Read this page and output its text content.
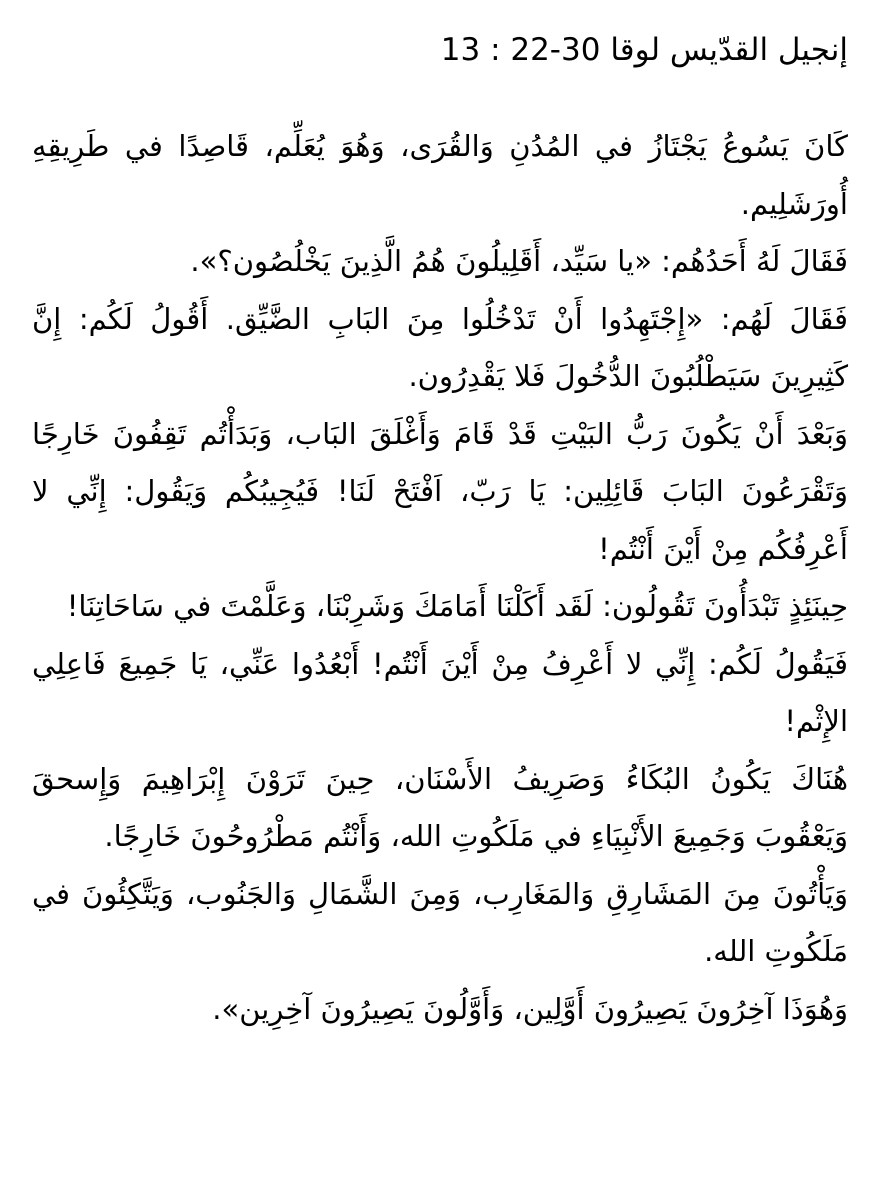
إنجيل القدّيس لوقا 13 : 22-30

كَانَ يَسُوعُ يَجْتَازُ في المُدُنِ وَالقُرَى، وَهُوَ يُعَلِّم، قَاصِدًا في طَرِيقِهِ أُورَشَلِيم.

فَقَالَ لَهُ أَحَدُهُم: «يا سَيِّد، أَقَلِيلُونَ هُمُ الَّذِينَ يَخْلُصُون؟».

فَقَالَ لَهُم: «إِجْتَهِدُوا أَنْ تَدْخُلُوا مِنَ البَابِ الضَّيِّق. أَقُولُ لَكُم: إِنَّ كَثِيرِينَ سَيَطْلُبُونَ الدُّخُولَ فَلا يَقْدِرُون.

وَبَعْدَ أَنْ يَكُونَ رَبُّ البَيْتِ قَدْ قَامَ وَأَغْلَقَ البَاب، وَبَدَأْتُم تَقِفُونَ خَارِجًا وَتَقْرَعُونَ البَابَ قَائِلِين: يَا رَبّ، اَفْتَحْ لَنَا! فَيُجِيبُكُم وَيَقُول: إِنِّي لا أَعْرِفُكُم مِنْ أَيْنَ أَنْتُم!

حِينَئِذٍ تَبْدَأُونَ تَقُولُون: لَقَد أَكَلْنَا أَمَامَكَ وَشَرِبْنَا، وَعَلَّمْتَ في سَاحَاتِنَا!

فَيَقُولُ لَكُم: إِنِّي لا أَعْرِفُ مِنْ أَيْنَ أَنْتُم! أَبْعُدُوا عَنِّي، يَا جَمِيعَ فَاعِلِي الإِثْم!

هُنَاكَ يَكُونُ البُكَاءُ وَصَرِيفُ الأَسْنَان، حِينَ تَرَوْنَ إِبْرَاهِيمَ وَإِسحقَ وَيَعْقُوبَ وَجَمِيعَ الأَنْبِيَاءِ في مَلَكُوتِ الله، وَأَنْتُم مَطْرُوحُونَ خَارِجًا.

وَيَأْتُونَ مِنَ المَشَارِقِ وَالمَغَارِب، وَمِنَ الشَّمَالِ وَالجَنُوب، وَيَتَّكِئُونَ في مَلَكُوتِ الله.

وَهُوَذَا آخِرُونَ يَصِيرُونَ أَوَّلِين، وَأَوَّلُونَ يَصِيرُونَ آخِرِين».
